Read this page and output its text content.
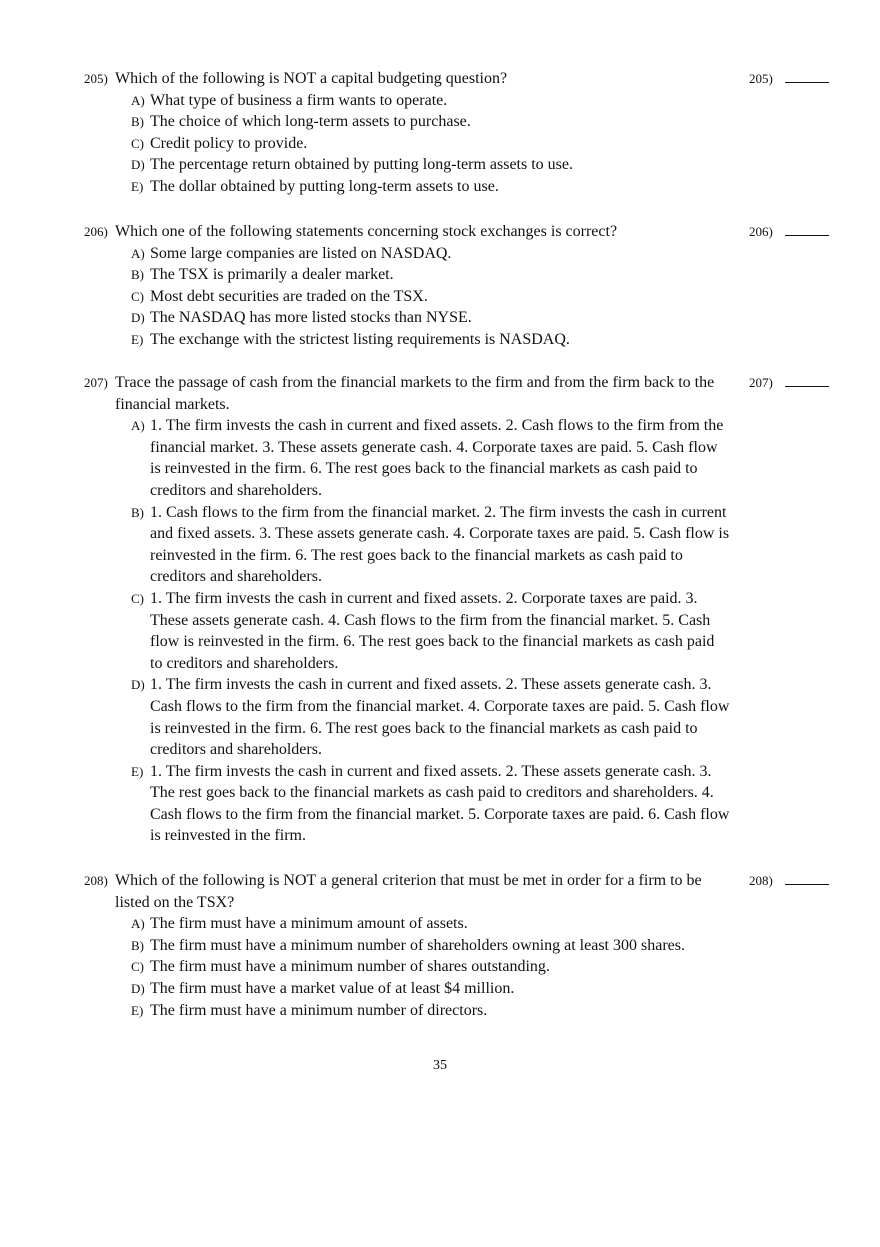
205) Which of the following is NOT a capital budgeting question?	205)
A) What type of business a firm wants to operate.
B) The choice of which long-term assets to purchase.
C) Credit policy to provide.
D) The percentage return obtained by putting long-term assets to use.
E) The dollar obtained by putting long-term assets to use.
206) Which one of the following statements concerning stock exchanges is correct?	206)
A) Some large companies are listed on NASDAQ.
B) The TSX is primarily a dealer market.
C) Most debt securities are traded on the TSX.
D) The NASDAQ has more listed stocks than NYSE.
E) The exchange with the strictest listing requirements is NASDAQ.
207) Trace the passage of cash from the financial markets to the firm and from the firm back to the financial markets.
207)
A) 1. The firm invests the cash in current and fixed assets. 2. Cash flows to the firm from the financial market. 3. These assets generate cash. 4. Corporate taxes are paid. 5. Cash flow is reinvested in the firm. 6. The rest goes back to the financial markets as cash paid to creditors and shareholders.
B) 1. Cash flows to the firm from the financial market. 2. The firm invests the cash in current and fixed assets. 3. These assets generate cash. 4. Corporate taxes are paid. 5. Cash flow is reinvested in the firm. 6. The rest goes back to the financial markets as cash paid to creditors and shareholders.
C) 1. The firm invests the cash in current and fixed assets. 2. Corporate taxes are paid. 3. These assets generate cash. 4. Cash flows to the firm from the financial market. 5. Cash flow is reinvested in the firm. 6. The rest goes back to the financial markets as cash paid to creditors and shareholders.
D) 1. The firm invests the cash in current and fixed assets. 2. These assets generate cash. 3. Cash flows to the firm from the financial market. 4. Corporate taxes are paid. 5. Cash flow is reinvested in the firm. 6. The rest goes back to the financial markets as cash paid to creditors and shareholders.
E) 1. The firm invests the cash in current and fixed assets. 2. These assets generate cash. 3. The rest goes back to the financial markets as cash paid to creditors and shareholders. 4. Cash flows to the firm from the financial market. 5. Corporate taxes are paid. 6. Cash flow is reinvested in the firm.
208) Which of the following is NOT a general criterion that must be met in order for a firm to be listed on the TSX?
208)
A) The firm must have a minimum amount of assets.
B) The firm must have a minimum number of shareholders owning at least 300 shares.
C) The firm must have a minimum number of shares outstanding.
D) The firm must have a market value of at least $4 million.
E) The firm must have a minimum number of directors.
35
